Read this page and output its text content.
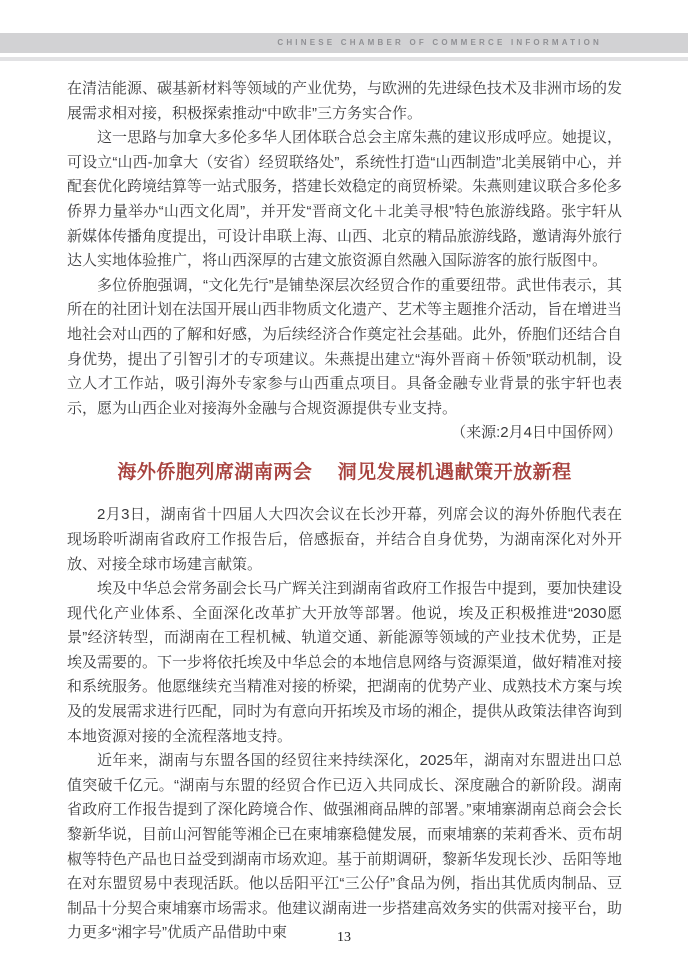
CHINESE CHAMBER OF COMMERCE INFORMATION

在清洁能源、碳基新材料等领域的产业优势，与欧洲的先进绿色技术及非洲市场的发展需求相对接，积极探索推动“中欧非”三方务实合作。

这一思路与加拿大多伦多华人团体联合总会主席朱燕的建议形成呼应。她提议，可设立“山西-加拿大（安省）经贸联络处”，系统性打造“山西制造”北美展销中心，并配套优化跨境结算等一站式服务，搭建长效稳定的商贸桥梁。朱燕则建议联合多伦多侨界力量举办“山西文化周”，并开发“晋商文化＋北美寻根”特色旅游线路。张宇轩从新媒体传播角度提出，可设计串联上海、山西、北京的精品旅游线路，邀请海外旅行达人实地体验推广，将山西深厚的古建文旅资源自然融入国际游客的旅行版图中。

多位侨胞强调，“文化先行”是铺垫深层次经贸合作的重要纽带。武世伟表示，其所在的社团计划在法国开展山西非物质文化遗产、艺术等主题推介活动，旨在增进当地社会对山西的了解和好感，为后续经济合作奠定社会基础。此外，侨胞们还结合自身优势，提出了引智引才的专项建议。朱燕提出建立“海外晋商＋侨领”联动机制，设立人才工作站，吸引海外专家参与山西重点项目。具备金融专业背景的张宇轩也表示，愿为山西企业对接海外金融与合规资源提供专业支持。
（来源:2月4日中国侨网）

海外侨胞列席湖南两会　 洞见发展机遇献策开放新程

2月3日，湖南省十四届人大四次会议在长沙开幕，列席会议的海外侨胞代表在现场聆听湖南省政府工作报告后，倍感振奋，并结合自身优势，为湖南深化对外开放、对接全球市场建言献策。

埃及中华总会常务副会长马广辉关注到湖南省政府工作报告中提到，要加快建设现代化产业体系、全面深化改革扩大开放等部署。他说，埃及正积极推进“2030愿景”经济转型，而湖南在工程机械、轨道交通、新能源等领域的产业技术优势，正是埃及需要的。下一步将依托埃及中华总会的本地信息网络与资源渠道，做好精准对接和系统服务。他愿继续充当精准对接的桥梁，把湖南的优势产业、成熟技术方案与埃及的发展需求进行匹配，同时为有意向开拓埃及市场的湘企，提供从政策法律咨询到本地资源对接的全流程落地支持。

近年来，湖南与东盟各国的经贸往来持续深化，2025年，湖南对东盟进出口总值突破千亿元。“湖南与东盟的经贸合作已迈入共同成长、深度融合的新阶段。湖南省政府工作报告提到了深化跨境合作、做强湘商品牌的部署。”柬埔寨湖南总商会会长黎新华说，目前山河智能等湘企已在柬埔寨稳健发展，而柬埔寨的茉莉香米、贡布胡椒等特色产品也日益受到湖南市场欢迎。基于前期调研，黎新华发现长沙、岳阳等地在对东盟贸易中表现活跃。他以岳阳平江“三公仔”食品为例，指出其优质肉制品、豆制品十分契合柬埔寨市场需求。他建议湖南进一步搭建高效务实的供需对接平台，助力更多“湘字号”优质产品借助中柬	13
